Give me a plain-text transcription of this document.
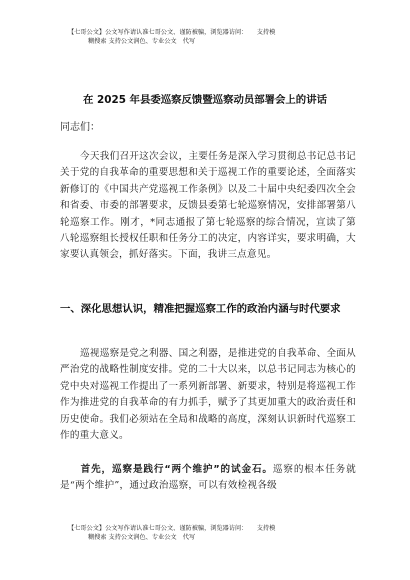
【七哥公文】公文写作请认准七哥公文、谨防被骗，浏览器访问：　　支持模
糊搜索 支持公文润色、专业公文　代写
在 2025 年县委巡察反馈暨巡察动员部署会上的讲话
同志们：
今天我们召开这次会议，主要任务是深入学习贯彻总书记总书记关于党的自我革命的重要思想和关于巡视工作的重要论述，全面落实新修订的《中国共产党巡视工作条例》以及二十届中央纪委四次全会和省委、市委的部署要求，反馈县委第七轮巡察情况，安排部署第八轮巡察工作。刚才，*同志通报了第七轮巡察的综合情况，宣读了第八轮巡察组长授权任职和任务分工的决定，内容详实，要求明确，大家要认真领会，抓好落实。下面，我讲三点意见。
一、深化思想认识，精准把握巡察工作的政治内涵与时代要求
巡视巡察是党之利器、国之利器，是推进党的自我革命、全面从严治党的战略性制度安排。党的二十大以来，以总书记同志为核心的党中央对巡视工作提出了一系列新部署、新要求，特别是将巡视工作作为推进党的自我革命的有力抓手，赋予了其更加重大的政治责任和历史使命。我们必须站在全局和战略的高度，深刻认识新时代巡察工作的重大意义。
首先，巡察是践行“两个维护”的试金石。巡察的根本任务就是“两个维护”，通过政治巡察，可以有效检视各级
【七哥公文】公文写作请认准七哥公文、谨防被骗，浏览器访问：　　支持模
糊搜索 支持公文润色、专业公文　代写
